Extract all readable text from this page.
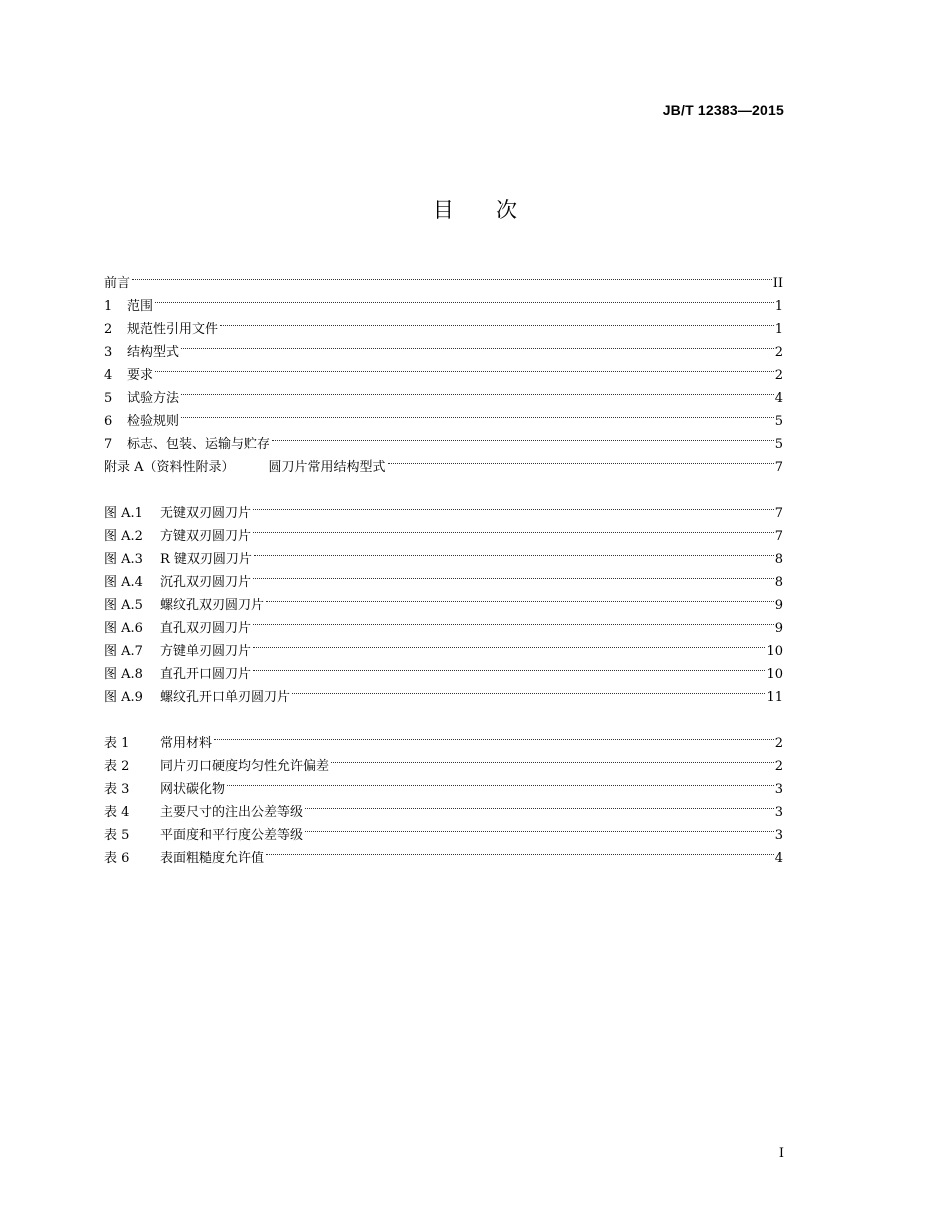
JB/T 12383—2015
目 次
前言	II
1	范围	1
2	规范性引用文件	1
3	结构型式	2
4	要求	2
5	试验方法	4
6	检验规则	5
7	标志、包装、运输与贮存	5
附录 A（资料性附录）	圆刀片常用结构型式	7
图 A.1	无键双刃圆刀片	7
图 A.2	方键双刃圆刀片	7
图 A.3	R 键双刃圆刀片	8
图 A.4	沉孔双刃圆刀片	8
图 A.5	螺纹孔双刃圆刀片	9
图 A.6	直孔双刃圆刀片	9
图 A.7	方键单刃圆刀片	10
图 A.8	直孔开口圆刀片	10
图 A.9	螺纹孔开口单刃圆刀片	11
表 1	常用材料	2
表 2	同片刃口硬度均匀性允许偏差	2
表 3	网状碳化物	3
表 4	主要尺寸的注出公差等级	3
表 5	平面度和平行度公差等级	3
表 6	表面粗糙度允许值	4
I
